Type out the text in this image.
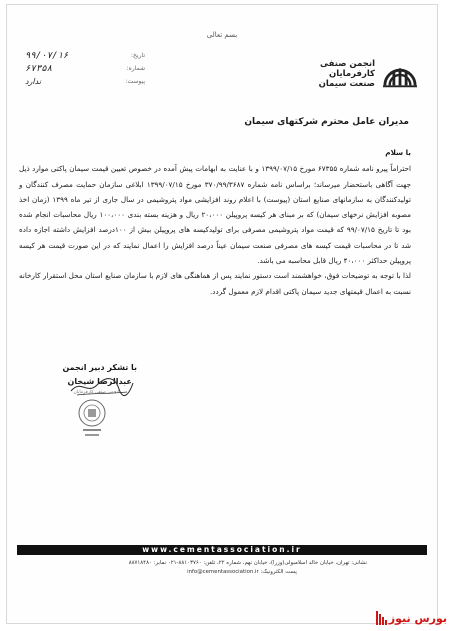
بسم تعالی
تاریخ:
۹۹/۰۷/۱۶
شماره:
۶۷۳۵۸
پیوست:
ندارد
انجمن صنفی
کارفرمایان
صنعت سیمان
مدیران عامل محترم شرکتهای سیمان

با سلام

احتراماً پیرو نامه شماره ۶۷۳۵۵ مورخ ۱۳۹۹/۰۷/۱۵ و با عنایت به ابهامات پیش آمده در خصوص تعیین قیمت سیمان پاکتی موارد ذیل جهت آگاهی باستحضار میرساند؛ براساس نامه شماره ۳۷۰/۹۹/۳۶۸۷ مورخ ۱۳۹۹/۰۷/۱۵ ابلاغی سازمان حمایت مصرف کنندگان و تولیدکنندگان به سازمانهای صنایع استان (پیوست) با اعلام روند افزایشی مواد پتروشیمی در سال جاری از تیر ماه ۱۳۹۹ (زمان اخذ مصوبه افزایش نرخهای سیمان) که بر مبنای هر کیسه پروپیلن ۲۰،۰۰۰ ریال و هزینه بسته بندی ۱۰۰،۰۰۰ ریال محاسبات انجام شده بود تا تاریخ ۹۹/۰۷/۱۵ که قیمت مواد پتروشیمی مصرفی برای تولیدکیسه های پروپیلن بیش از ۱۰۰درصد افزایش داشته اجازه داده شد تا در محاسبات قیمت کیسه های مصرفی صنعت سیمان عیناً درصد افزایش را اعمال نمایند که در این صورت قیمت هر کیسه پروپیلن حداکثر ۴۰،۰۰۰ ریال قابل محاسبه می باشد.

لذا با توجه به توضیحات فوق، خواهشمند است دستور نمایند پس از هماهنگی های لازم با سازمان صنایع استان محل استقرار کارخانه نسبت به اعمال قیمتهای جدید سیمان پاکتی اقدام لازم معمول گردد.

با تشکر دبیر انجمن
عبدالرضا شیخان
انجمن صنفی کارفرمایان
www.cementassociation.ir
نشانی: تهران، خیابان خالد اسلامبولی(وزرا)، خیابان نهم، شماره ۲۲، تلفن: ۸۸۱۰۳۷۶۰-۰۲۱ نمابر: ۸۸۷۱۸۴۸۰
info@cementassociation.ir :پست الکترونیک
بورس نیوز
